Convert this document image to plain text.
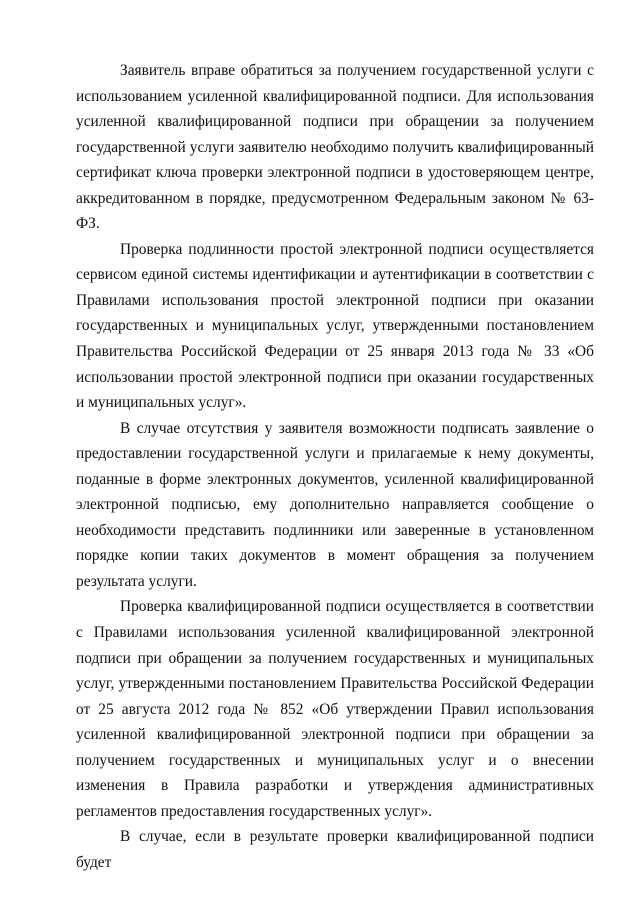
Заявитель вправе обратиться за получением государственной услуги с использованием усиленной квалифицированной подписи. Для использования усиленной квалифицированной подписи при обращении за получением государственной услуги заявителю необходимо получить квалифицированный сертификат ключа проверки электронной подписи в удостоверяющем центре, аккредитованном в порядке, предусмотренном Федеральным законом № 63-ФЗ.

Проверка подлинности простой электронной подписи осуществляется сервисом единой системы идентификации и аутентификации в соответствии с Правилами использования простой электронной подписи при оказании государственных и муниципальных услуг, утвержденными постановлением Правительства Российской Федерации от 25 января 2013 года № 33 «Об использовании простой электронной подписи при оказании государственных и муниципальных услуг».

В случае отсутствия у заявителя возможности подписать заявление о предоставлении государственной услуги и прилагаемые к нему документы, поданные в форме электронных документов, усиленной квалифицированной электронной подписью, ему дополнительно направляется сообщение о необходимости представить подлинники или заверенные в установленном порядке копии таких документов в момент обращения за получением результата услуги.

Проверка квалифицированной подписи осуществляется в соответствии с Правилами использования усиленной квалифицированной электронной подписи при обращении за получением государственных и муниципальных услуг, утвержденными постановлением Правительства Российской Федерации от 25 августа 2012 года № 852 «Об утверждении Правил использования усиленной квалифицированной электронной подписи при обращении за получением государственных и муниципальных услуг и о внесении изменения в Правила разработки и утверждения административных регламентов предоставления государственных услуг».

В случае, если в результате проверки квалифицированной подписи будет
